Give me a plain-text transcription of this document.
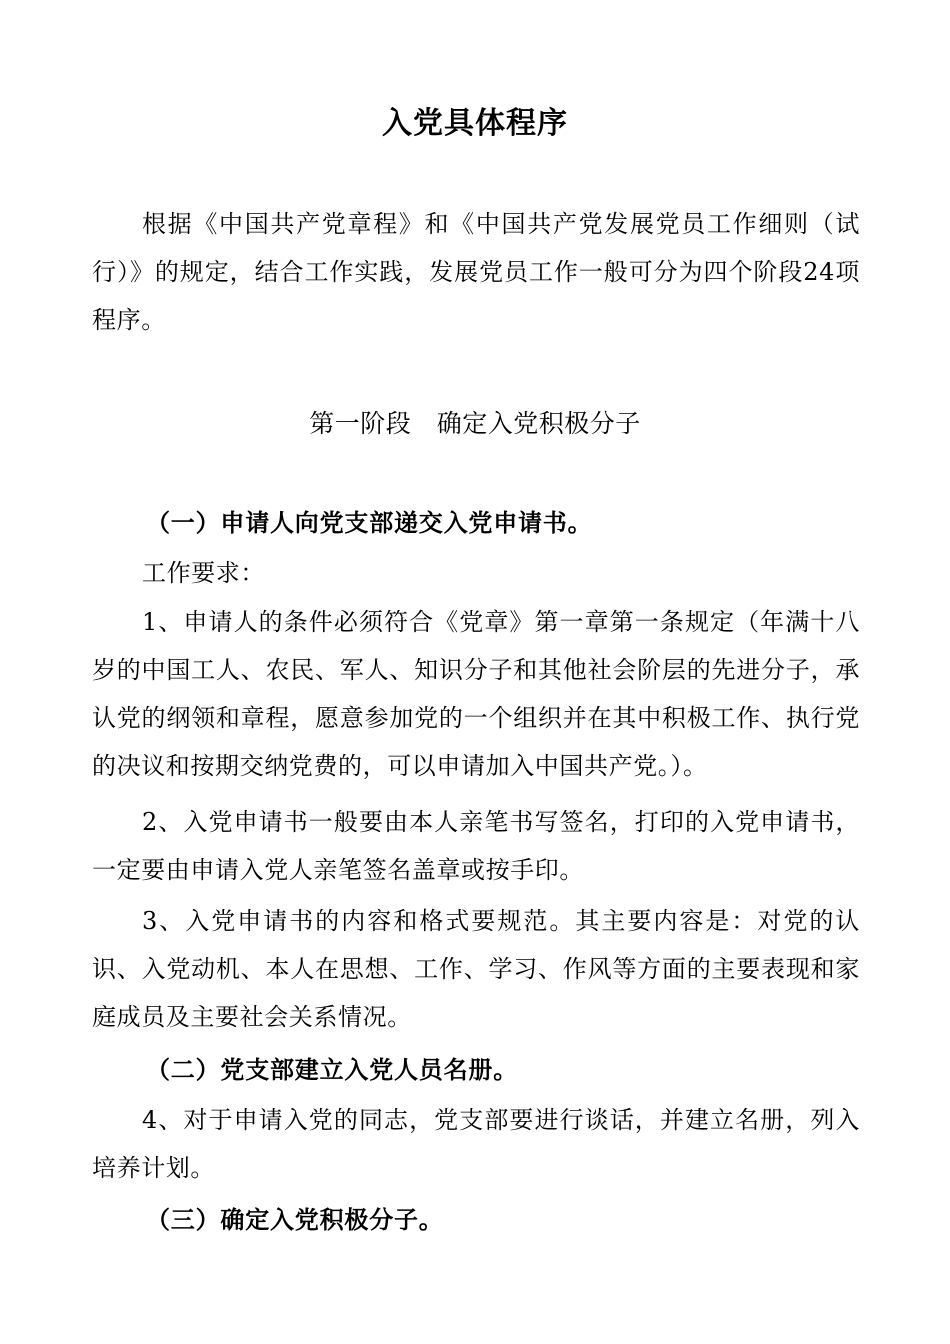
入党具体程序

根据《中国共产党章程》和《中国共产党发展党员工作细则（试行）》的规定，结合工作实践，发展党员工作一般可分为四个阶段24项程序。

第一阶段　确定入党积极分子
（一）申请人向党支部递交入党申请书。

工作要求：

1、申请人的条件必须符合《党章》第一章第一条规定（年满十八岁的中国工人、农民、军人、知识分子和其他社会阶层的先进分子，承认党的纲领和章程，愿意参加党的一个组织并在其中积极工作、执行党的决议和按期交纳党费的，可以申请加入中国共产党。）。

2、入党申请书一般要由本人亲笔书写签名，打印的入党申请书，一定要由申请入党人亲笔签名盖章或按手印。

3、入党申请书的内容和格式要规范。其主要内容是：对党的认识、入党动机、本人在思想、工作、学习、作风等方面的主要表现和家庭成员及主要社会关系情况。

（二）党支部建立入党人员名册。

4、对于申请入党的同志，党支部要进行谈话，并建立名册，列入培养计划。

（三）确定入党积极分子。
